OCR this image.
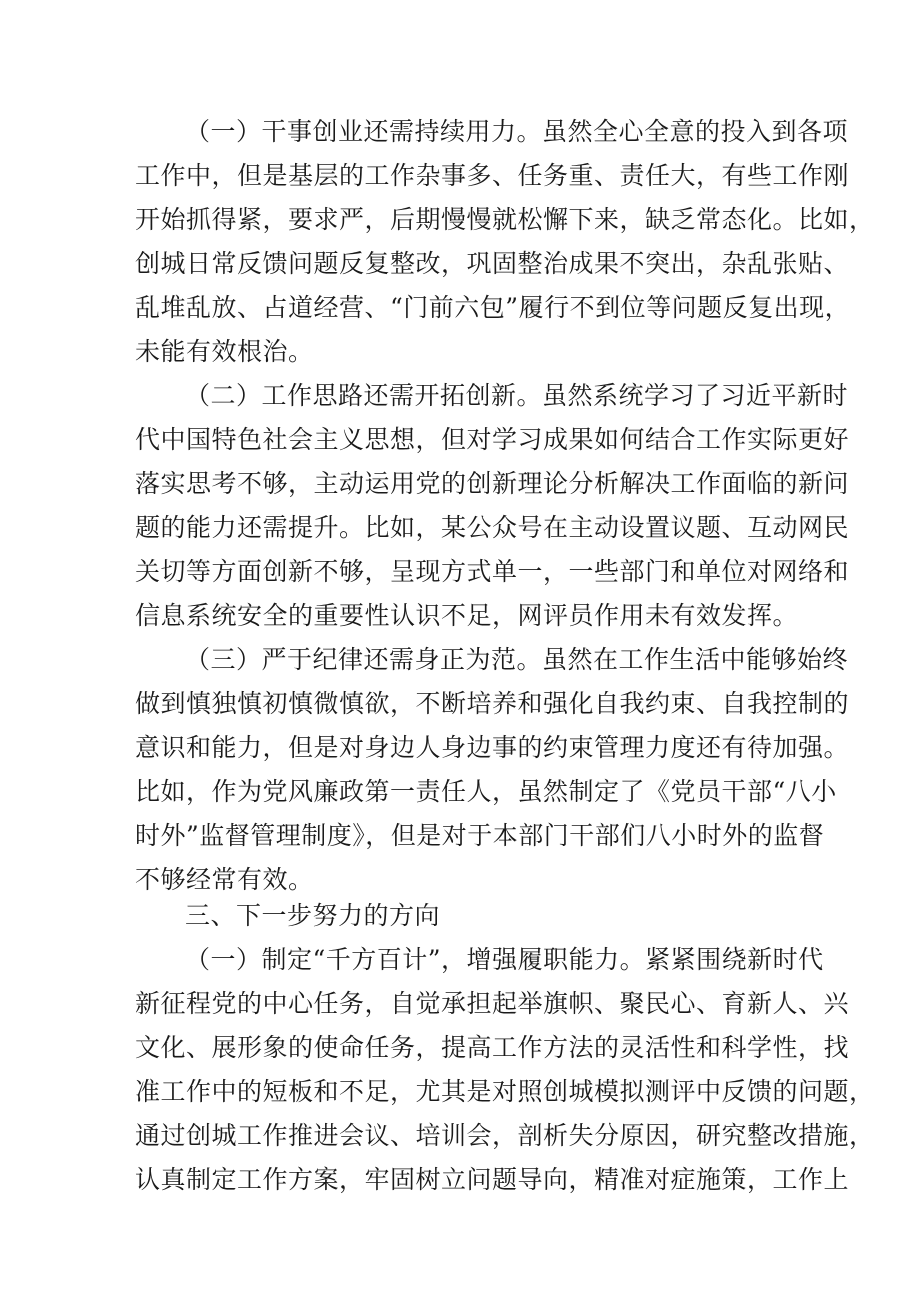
（一）干事创业还需持续用力。虽然全心全意的投入到各项
工作中，但是基层的工作杂事多、任务重、责任大，有些工作刚
开始抓得紧，要求严，后期慢慢就松懈下来，缺乏常态化。比如，
创城日常反馈问题反复整改，巩固整治成果不突出，杂乱张贴、
乱堆乱放、占道经营、“门前六包”履行不到位等问题反复出现，
未能有效根治。
（二）工作思路还需开拓创新。虽然系统学习了习近平新时
代中国特色社会主义思想，但对学习成果如何结合工作实际更好
落实思考不够，主动运用党的创新理论分析解决工作面临的新问
题的能力还需提升。比如，某公众号在主动设置议题、互动网民
关切等方面创新不够，呈现方式单一，一些部门和单位对网络和
信息系统安全的重要性认识不足，网评员作用未有效发挥。
（三）严于纪律还需身正为范。虽然在工作生活中能够始终
做到慎独慎初慎微慎欲，不断培养和强化自我约束、自我控制的
意识和能力，但是对身边人身边事的约束管理力度还有待加强。
比如，作为党风廉政第一责任人，虽然制定了《党员干部“八小
时外”监督管理制度》，但是对于本部门干部们八小时外的监督
不够经常有效。
三、下一步努力的方向
（一）制定“千方百计”，增强履职能力。紧紧围绕新时代
新征程党的中心任务，自觉承担起举旗帜、聚民心、育新人、兴
文化、展形象的使命任务，提高工作方法的灵活性和科学性，找
准工作中的短板和不足，尤其是对照创城模拟测评中反馈的问题，
通过创城工作推进会议、培训会，剖析失分原因，研究整改措施，
认真制定工作方案，牢固树立问题导向，精准对症施策，工作上
